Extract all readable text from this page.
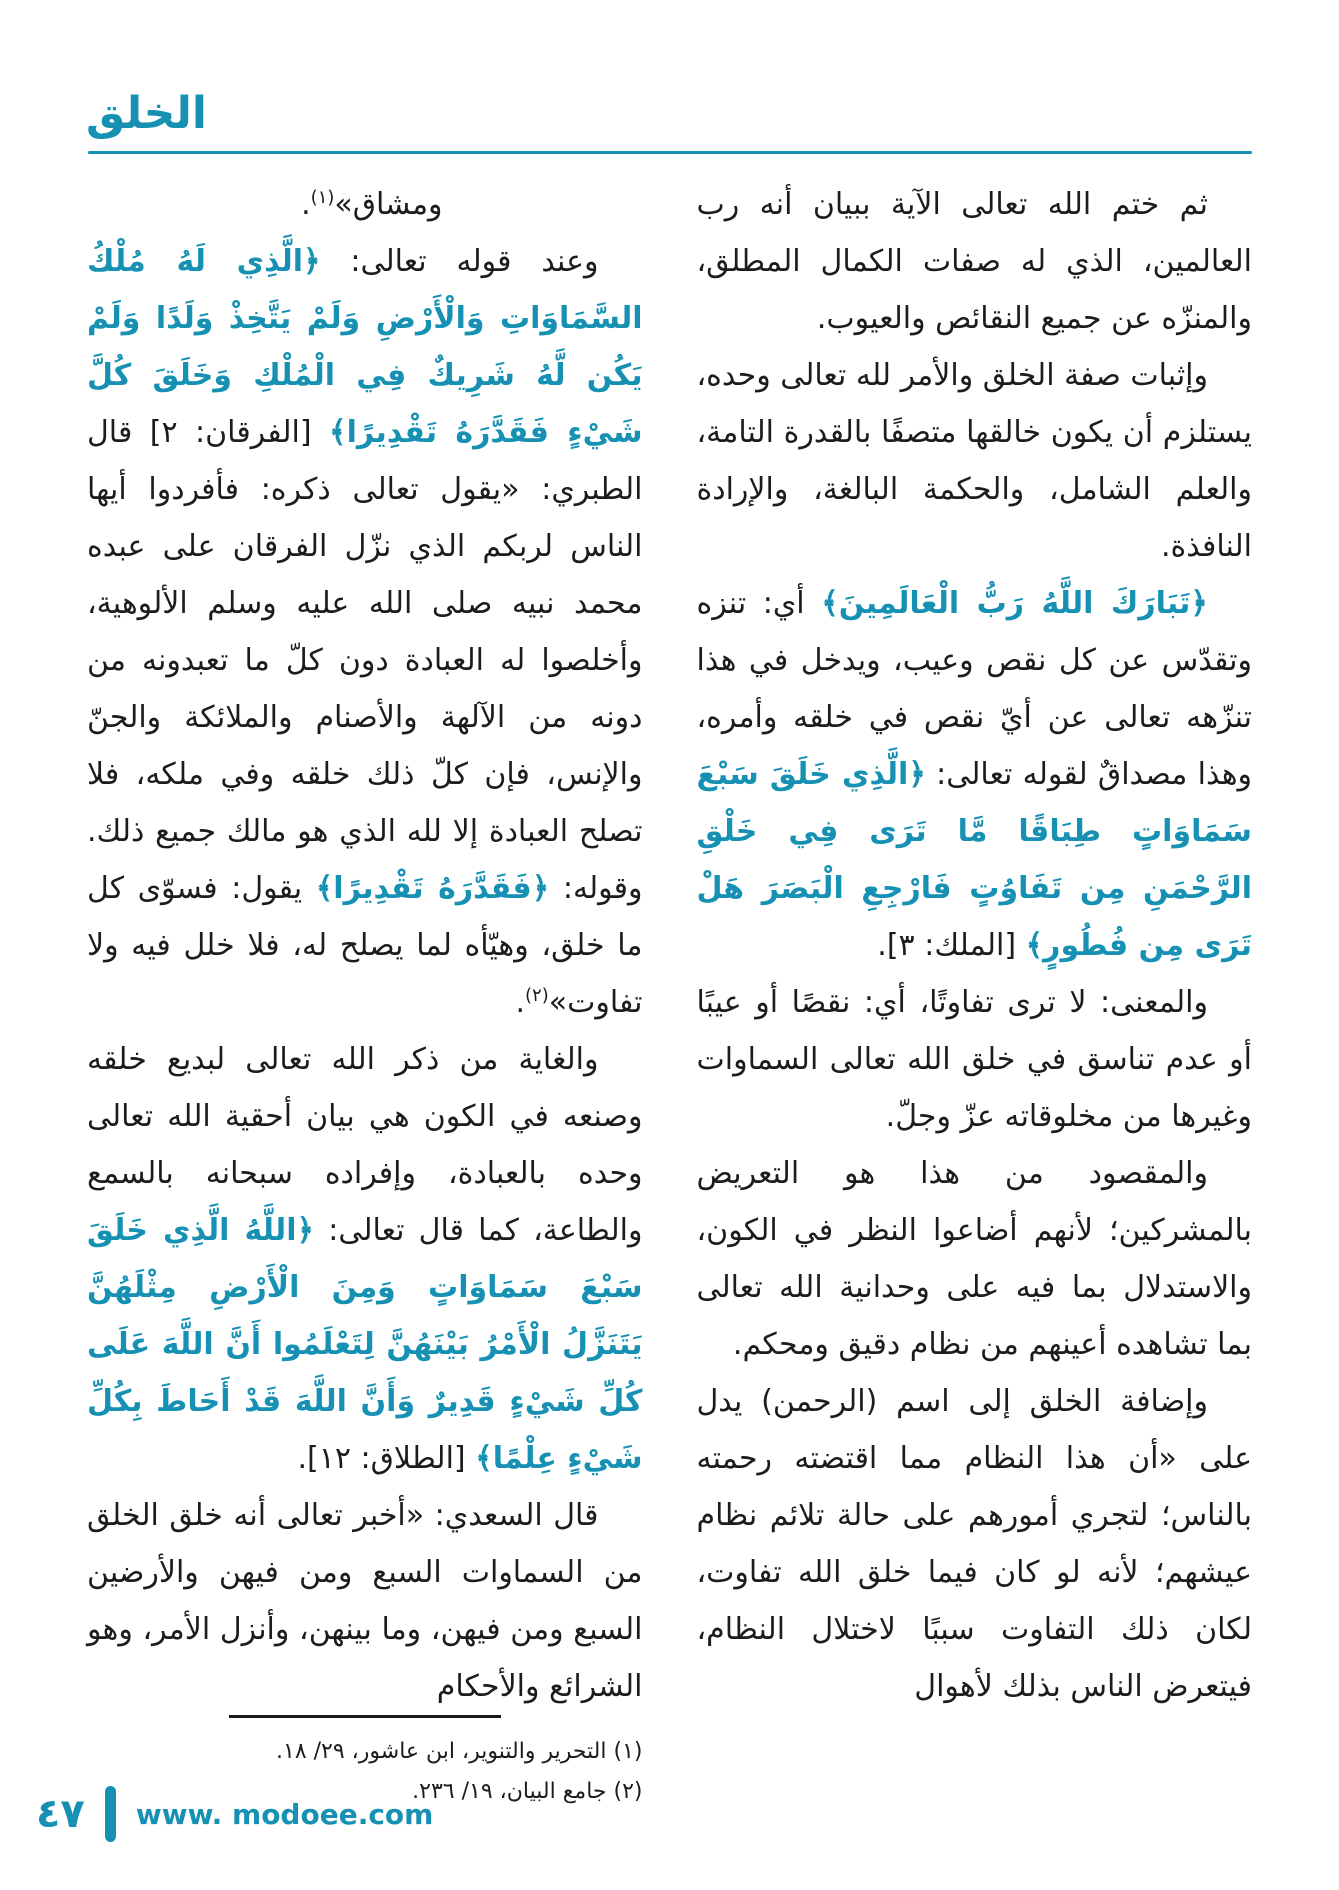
الخلق

ثم ختم الله تعالى الآية ببيان أنه رب العالمين، الذي له صفات الكمال المطلق، والمنزّه عن جميع النقائص والعيوب.

وإثبات صفة الخلق والأمر لله تعالى وحده، يستلزم أن يكون خالقها متصفًا بالقدرة التامة، والعلم الشامل، والحكمة البالغة، والإرادة النافذة.

﴿تَبَارَكَ اللَّهُ رَبُّ الْعَالَمِينَ﴾ أي: تنزه وتقدّس عن كل نقص وعيب، ويدخل في هذا تنزّهه تعالى عن أيّ نقص في خلقه وأمره، وهذا مصداقٌ لقوله تعالى: ﴿الَّذِي خَلَقَ سَبْعَ سَمَاوَاتٍ طِبَاقًا مَّا تَرَى فِي خَلْقِ الرَّحْمَنِ مِن تَفَاوُتٍ فَارْجِعِ الْبَصَرَ هَلْ تَرَى مِن فُطُورٍ﴾ [الملك: ٣].

والمعنى: لا ترى تفاوتًا، أي: نقصًا أو عيبًا أو عدم تناسق في خلق الله تعالى السماوات وغيرها من مخلوقاته عزّ وجلّ.

والمقصود من هذا هو التعريض بالمشركين؛ لأنهم أضاعوا النظر في الكون، والاستدلال بما فيه على وحدانية الله تعالى بما تشاهده أعينهم من نظام دقيق ومحكم.

وإضافة الخلق إلى اسم (الرحمن) يدل على «أن هذا النظام مما اقتضته رحمته بالناس؛ لتجري أمورهم على حالة تلائم نظام عيشهم؛ لأنه لو كان فيما خلق الله تفاوت، لكان ذلك التفاوت سببًا لاختلال النظام، فيتعرض الناس بذلك لأهوال

ومشاق»$^{(١)}$.

وعند قوله تعالى: ﴿الَّذِي لَهُ مُلْكُ السَّمَاوَاتِ وَالْأَرْضِ وَلَمْ يَتَّخِذْ وَلَدًا وَلَمْ يَكُن لَّهُ شَرِيكٌ فِي الْمُلْكِ وَخَلَقَ كُلَّ شَيْءٍ فَقَدَّرَهُ تَقْدِيرًا﴾ [الفرقان: ٢] قال الطبري: «يقول تعالى ذكره: فأفردوا أيها الناس لربكم الذي نزّل الفرقان على عبده محمد نبيه صلى الله عليه وسلم الألوهية، وأخلصوا له العبادة دون كلّ ما تعبدونه من دونه من الآلهة والأصنام والملائكة والجنّ والإنس، فإن كلّ ذلك خلقه وفي ملكه، فلا تصلح العبادة إلا لله الذي هو مالك جميع ذلك. وقوله: ﴿فَقَدَّرَهُ تَقْدِيرًا﴾ يقول: فسوّى كل ما خلق، وهيّأه لما يصلح له، فلا خلل فيه ولا تفاوت»$^{(٢)}$.

والغاية من ذكر الله تعالى لبديع خلقه وصنعه في الكون هي بيان أحقية الله تعالى وحده بالعبادة، وإفراده سبحانه بالسمع والطاعة، كما قال تعالى: ﴿اللَّهُ الَّذِي خَلَقَ سَبْعَ سَمَاوَاتٍ وَمِنَ الْأَرْضِ مِثْلَهُنَّ يَتَنَزَّلُ الْأَمْرُ بَيْنَهُنَّ لِتَعْلَمُوا أَنَّ اللَّهَ عَلَى كُلِّ شَيْءٍ قَدِيرٌ وَأَنَّ اللَّهَ قَدْ أَحَاطَ بِكُلِّ شَيْءٍ عِلْمًا﴾ [الطلاق: ١٢].

قال السعدي: «أخبر تعالى أنه خلق الخلق من السماوات السبع ومن فيهن والأرضين السبع ومن فيهن، وما بينهن، وأنزل الأمر، وهو الشرائع والأحكام

(١) التحرير والتنوير، ابن عاشور، ٢٩/ ١٨.

(٢) جامع البيان، ١٩/ ٢٣٦.

٤٧ www. modoee.com
